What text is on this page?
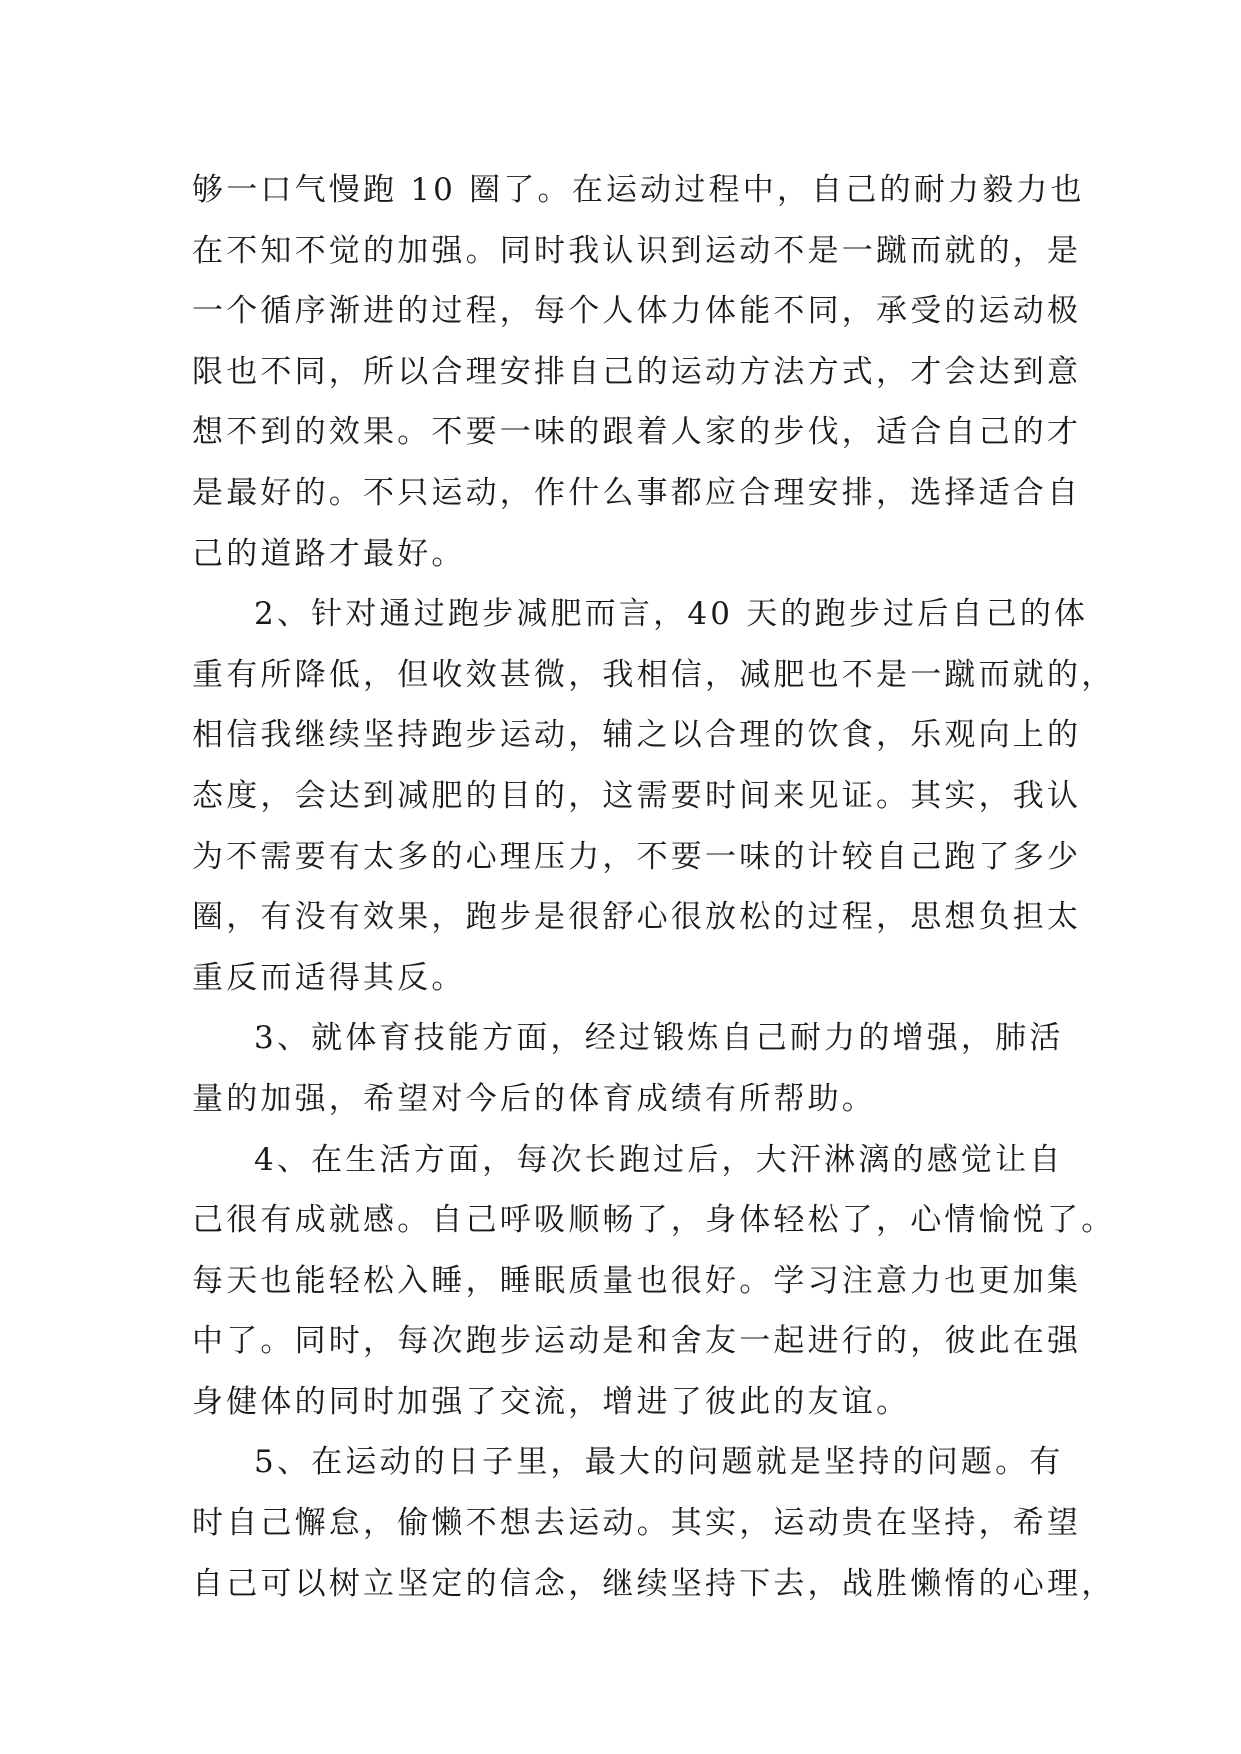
够一口气慢跑 10 圈了。在运动过程中，自己的耐力毅力也
在不知不觉的加强。同时我认识到运动不是一蹴而就的，是
一个循序渐进的过程，每个人体力体能不同，承受的运动极
限也不同，所以合理安排自己的运动方法方式，才会达到意
想不到的效果。不要一味的跟着人家的步伐，适合自己的才
是最好的。不只运动，作什么事都应合理安排，选择适合自
己的道路才最好。
2、针对通过跑步减肥而言，40 天的跑步过后自己的体
重有所降低，但收效甚微，我相信，减肥也不是一蹴而就的，
相信我继续坚持跑步运动，辅之以合理的饮食，乐观向上的
态度，会达到减肥的目的，这需要时间来见证。其实，我认
为不需要有太多的心理压力，不要一味的计较自己跑了多少
圈，有没有效果，跑步是很舒心很放松的过程，思想负担太
重反而适得其反。
3、就体育技能方面，经过锻炼自己耐力的增强，肺活
量的加强，希望对今后的体育成绩有所帮助。
4、在生活方面，每次长跑过后，大汗淋漓的感觉让自
己很有成就感。自己呼吸顺畅了，身体轻松了，心情愉悦了。
每天也能轻松入睡，睡眠质量也很好。学习注意力也更加集
中了。同时，每次跑步运动是和舍友一起进行的，彼此在强
身健体的同时加强了交流，增进了彼此的友谊。
5、在运动的日子里，最大的问题就是坚持的问题。有
时自己懈怠，偷懒不想去运动。其实，运动贵在坚持，希望
自己可以树立坚定的信念，继续坚持下去，战胜懒惰的心理，
